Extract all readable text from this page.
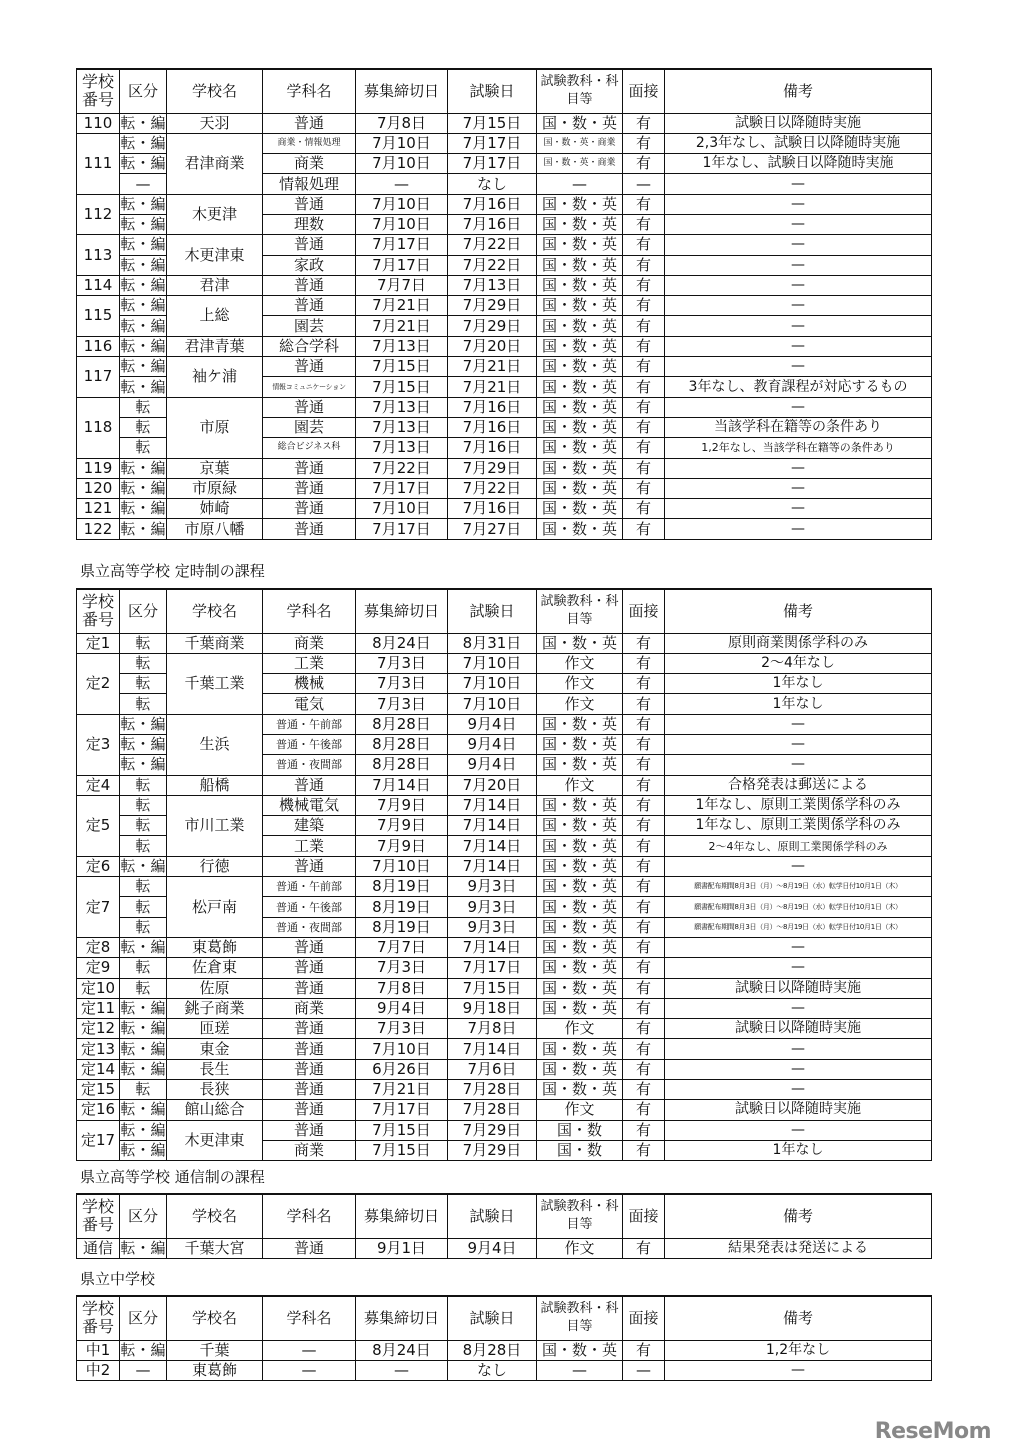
学校番号	区分	学校名	学科名	募集締切日	試験日	試験教科・科目等	面接	備考
110	転・編	天羽	普通	7月8日	7月15日	国・数・英	有	試験日以降随時実施
111	転・編	君津商業	商業・情報処理	7月10日	7月17日	国・数・英・商業	有	2,3年なし、試験日以降随時実施
	転・編		商業	7月10日	7月17日	国・数・英・商業	有	1年なし、試験日以降随時実施
	—		情報処理	—	なし	—	—	—
112	転・編	木更津	普通	7月10日	7月16日	国・数・英	有	—
	転・編		理数	7月10日	7月16日	国・数・英	有	—
113	転・編	木更津東	普通	7月17日	7月22日	国・数・英	有	—
	転・編		家政	7月17日	7月22日	国・数・英	有	—
114	転・編	君津	普通	7月7日	7月13日	国・数・英	有	—
115	転・編	上総	普通	7月21日	7月29日	国・数・英	有	—
	転・編		園芸	7月21日	7月29日	国・数・英	有	—
116	転・編	君津青葉	総合学科	7月13日	7月20日	国・数・英	有	—
117	転・編	袖ケ浦	普通	7月15日	7月21日	国・数・英	有	—
	転・編		情報コミュニケーション	7月15日	7月21日	国・数・英	有	3年なし、教育課程が対応するもの
118	転	市原	普通	7月13日	7月16日	国・数・英	有	—
	転		園芸	7月13日	7月16日	国・数・英	有	当該学科在籍等の条件あり
	転		総合ビジネス科	7月13日	7月16日	国・数・英	有	1,2年なし、当該学科在籍等の条件あり
119	転・編	京葉	普通	7月22日	7月29日	国・数・英	有	—
120	転・編	市原緑	普通	7月17日	7月22日	国・数・英	有	—
121	転・編	姉崎	普通	7月10日	7月16日	国・数・英	有	—
122	転・編	市原八幡	普通	7月17日	7月27日	国・数・英	有	—
県立高等学校 定時制の課程
学校番号	区分	学校名	学科名	募集締切日	試験日	試験教科・科目等	面接	備考
定1	転	千葉商業	商業	8月24日	8月31日	国・数・英	有	原則商業関係学科のみ
定2	転	千葉工業	工業	7月3日	7月10日	作文	有	2～4年なし
	転		機械	7月3日	7月10日	作文	有	1年なし
	転		電気	7月3日	7月10日	作文	有	1年なし
定3	転・編	生浜	普通・午前部	8月28日	9月4日	国・数・英	有	—
	転・編		普通・午後部	8月28日	9月4日	国・数・英	有	—
	転・編		普通・夜間部	8月28日	9月4日	国・数・英	有	—
定4	転	船橋	普通	7月14日	7月20日	作文	有	合格発表は郵送による
定5	転	市川工業	機械電気	7月9日	7月14日	国・数・英	有	1年なし、原則工業関係学科のみ
	転		建築	7月9日	7月14日	国・数・英	有	1年なし、原則工業関係学科のみ
	転		工業	7月9日	7月14日	国・数・英	有	2～4年なし、原則工業関係学科のみ
定6	転・編	行徳	普通	7月10日	7月14日	国・数・英	有	—
定7	転	松戸南	普通・午前部	8月19日	9月3日	国・数・英	有	願書配布期間8月3日（月）～8月19日（水）転学日付10月1日（木）
	転		普通・午後部	8月19日	9月3日	国・数・英	有	願書配布期間8月3日（月）～8月19日（水）転学日付10月1日（木）
	転		普通・夜間部	8月19日	9月3日	国・数・英	有	願書配布期間8月3日（月）～8月19日（水）転学日付10月1日（木）
定8	転・編	東葛飾	普通	7月7日	7月14日	国・数・英	有	—
定9	転	佐倉東	普通	7月3日	7月17日	国・数・英	有	—
定10	転	佐原	普通	7月8日	7月15日	国・数・英	有	試験日以降随時実施
定11	転・編	銚子商業	商業	9月4日	9月18日	国・数・英	有	—
定12	転・編	匝瑳	普通	7月3日	7月8日	作文	有	試験日以降随時実施
定13	転・編	東金	普通	7月10日	7月14日	国・数・英	有	—
定14	転・編	長生	普通	6月26日	7月6日	国・数・英	有	—
定15	転	長狭	普通	7月21日	7月28日	国・数・英	有	—
定16	転・編	館山総合	普通	7月17日	7月28日	作文	有	試験日以降随時実施
定17	転・編	木更津東	普通	7月15日	7月29日	国・数	有	—
	転・編		商業	7月15日	7月29日	国・数	有	1年なし
県立高等学校 通信制の課程
学校番号	区分	学校名	学科名	募集締切日	試験日	試験教科・科目等	面接	備考
通信	転・編	千葉大宮	普通	9月1日	9月4日	作文	有	結果発表は発送による
県立中学校
学校番号	区分	学校名	学科名	募集締切日	試験日	試験教科・科目等	面接	備考
中1	転・編	千葉	—	8月24日	8月28日	国・数・英	有	1,2年なし
中2	—	東葛飾	—	—	なし	—	—	—
ReseMom
